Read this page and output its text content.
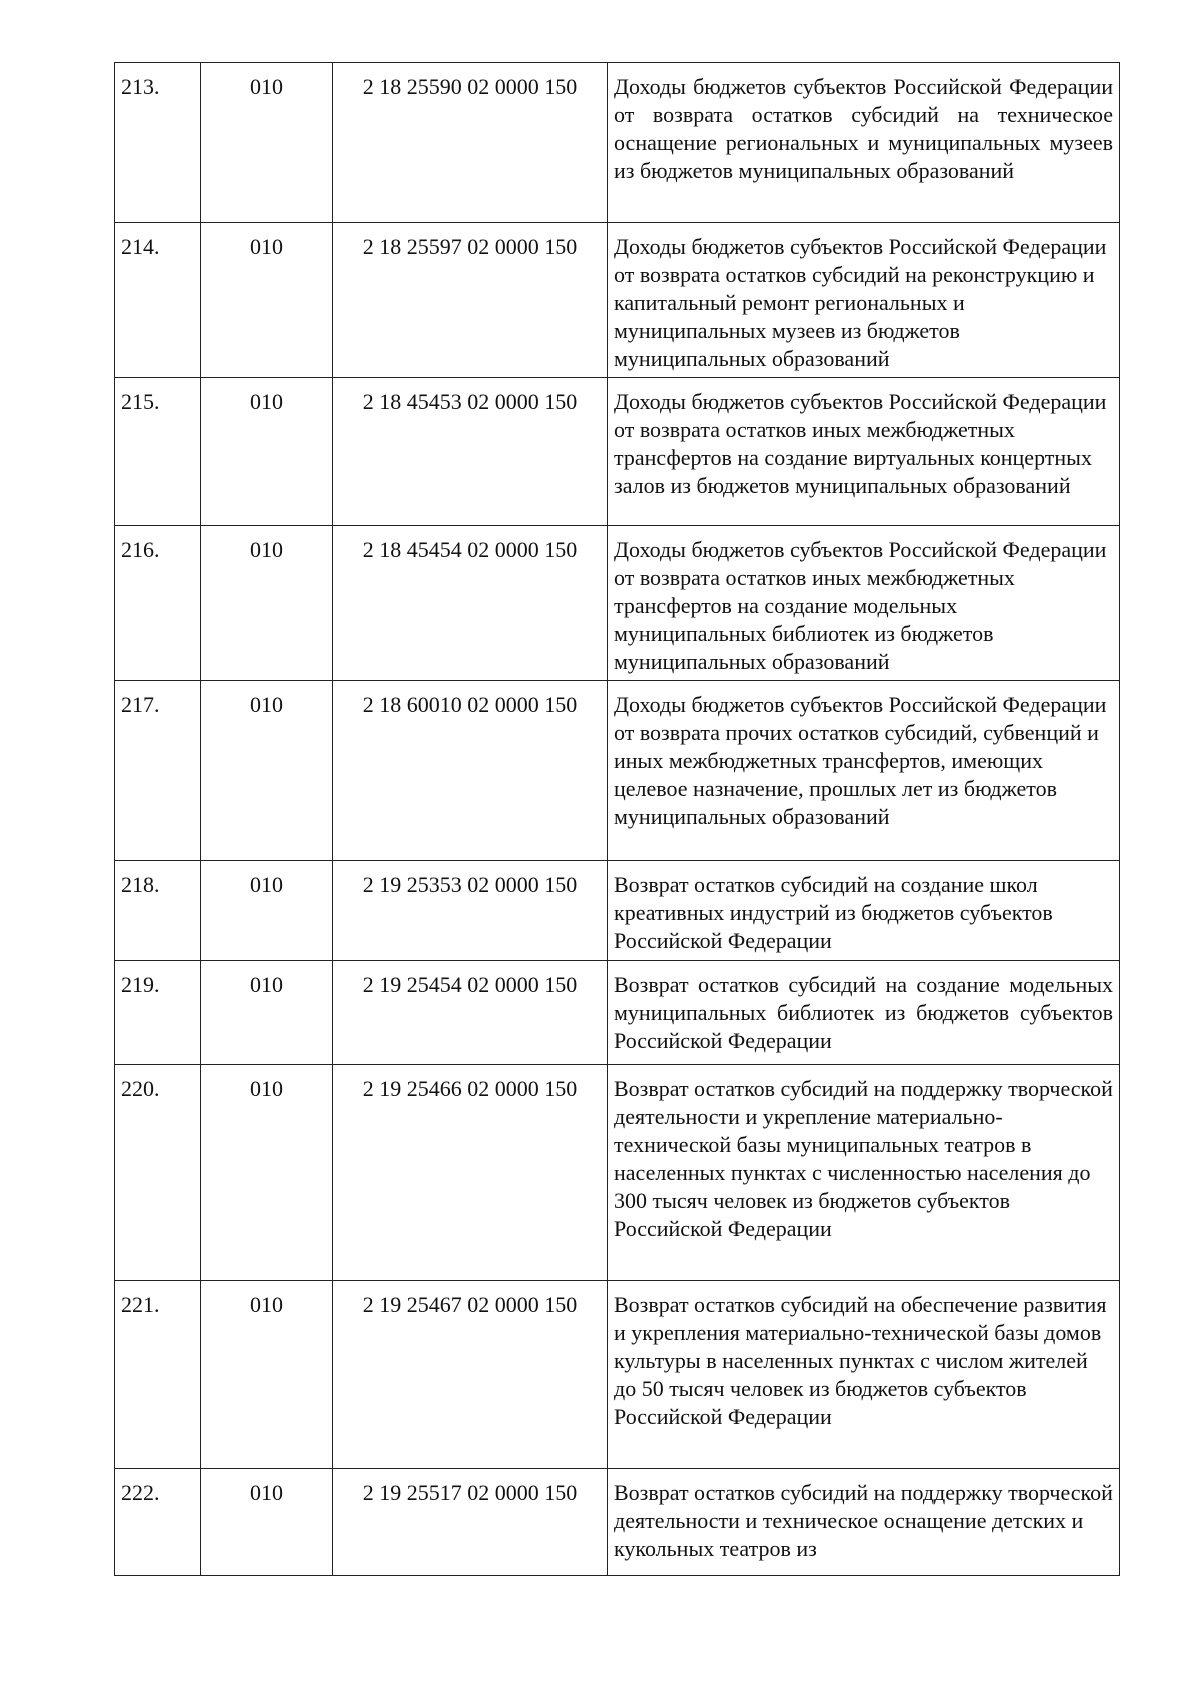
213.	010	2 18 25590 02 0000 150	Доходы бюджетов субъектов Российской Федерации от возврата остатков субсидий на техническое оснащение региональных и муниципальных музеев из бюджетов муниципальных образований
214.	010	2 18 25597 02 0000 150	Доходы бюджетов субъектов Российской Федерации от возврата остатков субсидий на реконструкцию и капитальный ремонт региональных и муниципальных музеев из бюджетов муниципальных образований
215.	010	2 18 45453 02 0000 150	Доходы бюджетов субъектов Российской Федерации от возврата остатков иных межбюджетных трансфертов на создание виртуальных концертных залов из бюджетов муниципальных образований
216.	010	2 18 45454 02 0000 150	Доходы бюджетов субъектов Российской Федерации от возврата остатков иных межбюджетных трансфертов на создание модельных муниципальных библиотек из бюджетов муниципальных образований
217.	010	2 18 60010 02 0000 150	Доходы бюджетов субъектов Российской Федерации от возврата прочих остатков субсидий, субвенций и иных межбюджетных трансфертов, имеющих целевое назначение, прошлых лет из бюджетов муниципальных образований
218.	010	2 19 25353 02 0000 150	Возврат остатков субсидий на создание школ креативных индустрий из бюджетов субъектов Российской Федерации
219.	010	2 19 25454 02 0000 150	Возврат остатков субсидий на создание модельных муниципальных библиотек из бюджетов субъектов Российской Федерации
220.	010	2 19 25466 02 0000 150	Возврат остатков субсидий на поддержку творческой деятельности и укрепление материально-технической базы муниципальных театров в населенных пунктах с численностью населения до 300 тысяч человек из бюджетов субъектов Российской Федерации
221.	010	2 19 25467 02 0000 150	Возврат остатков субсидий на обеспечение развития и укрепления материально-технической базы домов культуры в населенных пунктах с числом жителей до 50 тысяч человек из бюджетов субъектов Российской Федерации
222.	010	2 19 25517 02 0000 150	Возврат остатков субсидий на поддержку творческой деятельности и техническое оснащение детских и кукольных театров из
